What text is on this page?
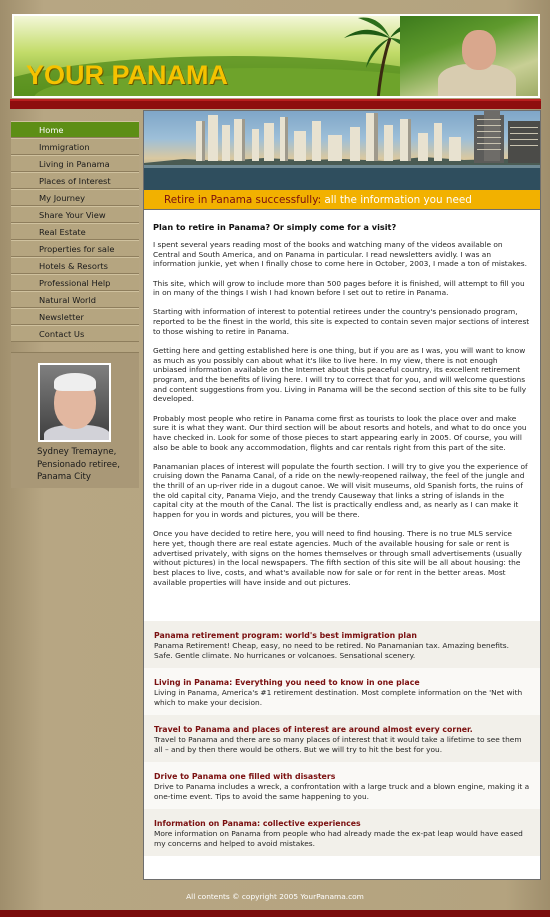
YOUR PANAMA
Home
Immigration
Living in Panama
Places of Interest
My Journey
Share Your View
Real Estate
Properties for sale
Hotels & Resorts
Professional Help
Natural World
Newsletter
Contact Us
Sydney Tremayne,
Pensionado retiree,
Panama City
Retire in Panama successfully: all the information you need
Plan to retire in Panama? Or simply come for a visit?

I spent several years reading most of the books and watching many of the videos available on Central and South America, and on Panama in particular. I read newsletters avidly. I was an information junkie, yet when I finally chose to come here in October, 2003, I made a ton of mistakes.

This site, which will grow to include more than 500 pages before it is finished, will attempt to fill you in on many of the things I wish I had known before I set out to retire in Panama.

Starting with information of interest to potential retirees under the country's pensionado program, reported to be the finest in the world, this site is expected to contain seven major sections of interest to those wishing to retire in Panama.

Getting here and getting established here is one thing, but if you are as I was, you will want to know as much as you possibly can about what it's like to live here. In my view, there is not enough unbiased information available on the Internet about this peaceful country, its excellent retirement program, and the benefits of living here. I will try to correct that for you, and will welcome questions and content suggestions from you. Living in Panama will be the second section of this site to be fully developed.

Probably most people who retire in Panama come first as tourists to look the place over and make sure it is what they want. Our third section will be about resorts and hotels, and what to do once you have checked in. Look for some of those pieces to start appearing early in 2005. Of course, you will also be able to book any accommodation, flights and car rentals right from this part of the site.

Panamanian places of interest will populate the fourth section. I will try to give you the experience of cruising down the Panama Canal, of a ride on the newly-reopened railway, the feel of the jungle and the thrill of an up-river ride in a dugout canoe. We will visit museums, old Spanish forts, the ruins of the old capital city, Panama Viejo, and the trendy Causeway that links a string of islands in the capital city at the mouth of the Canal. The list is practically endless and, as nearly as I can make it happen for you in words and pictures, you will be there.

Once you have decided to retire here, you will need to find housing. There is no true MLS service here yet, though there are real estate agencies. Much of the available housing for sale or rent is advertised privately, with signs on the homes themselves or through small advertisements (usually without pictures) in the local newspapers. The fifth section of this site will be all about housing: the best places to live, costs, and what's available now for sale or for rent in the better areas. Most available properties will have inside and out pictures.

Panama retirement program: world's best immigration plan

Panama Retirement! Cheap, easy, no need to be retired. No Panamanian tax. Amazing benefits. Safe. Gentle climate. No hurricanes or volcanoes. Sensational scenery.

Living in Panama: Everything you need to know in one place

Living in Panama, America's #1 retirement destination. Most complete information on the 'Net with which to make your decision.

Travel to Panama and places of interest are around almost every corner.

Travel to Panama and there are so many places of interest that it would take a lifetime to see them all – and by then there would be others. But we will try to hit the best for you.

Drive to Panama one filled with disasters

Drive to Panama includes a wreck, a confrontation with a large truck and a blown engine, making it a one-time event. Tips to avoid the same happening to you.

Information on Panama: collective experiences

More information on Panama from people who had already made the ex-pat leap would have eased my concerns and helped to avoid mistakes.

All contents © copyright 2005 YourPanama.com
